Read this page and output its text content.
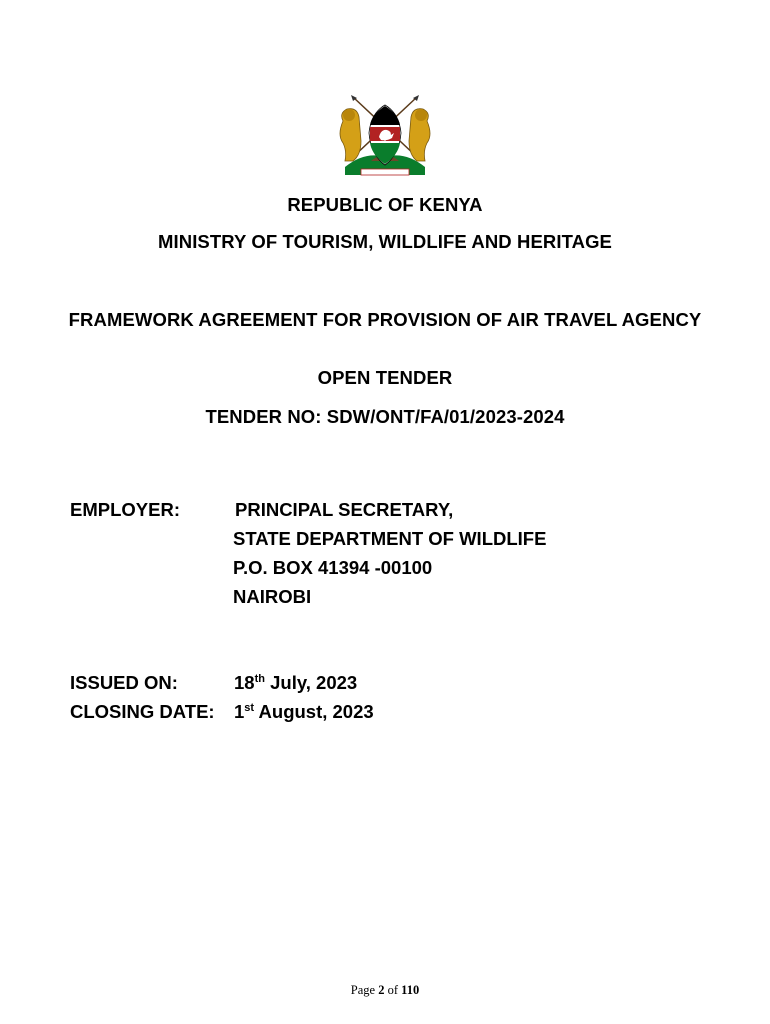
REPUBLIC OF KENYA
MINISTRY OF TOURISM, WILDLIFE AND HERITAGE
FRAMEWORK AGREEMENT FOR PROVISION OF AIR TRAVEL AGENCY
OPEN TENDER
TENDER NO: SDW/ONT/FA/01/2023-2024
EMPLOYER:	PRINCIPAL SECRETARY,
STATE DEPARTMENT OF WILDLIFE
P.O. BOX 41394 -00100
NAIROBI
ISSUED ON:	18th July, 2023
CLOSING DATE: 1st August, 2023
Page 2 of 110
